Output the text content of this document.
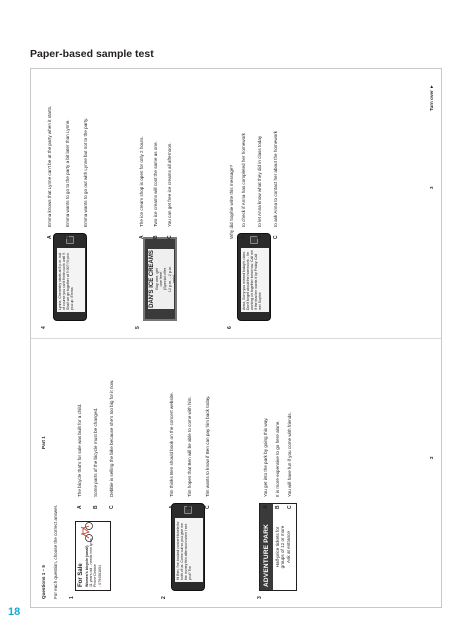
Paper-based sample test
Questions 1 – 5
Part 1
For each question, choose the correct answer. 1
For Sale Women's bicycle (small) 11 years old - needs new tyres Phone Debbie - 0794581654
A
The bicycle that's for sale was built for a child.
B
Some parts of the bicycle must be changed.
C
Debbie is selling the bike because she's too big for it now.
2
Hi Ben, I've booked concert tickets for both of us. Come out so you give me the money this afternoon when I see you? Tim
A
Tim thinks Ben should book on the concert website.
B
Tim hopes that Ben will be able to come with him.
C
Tim wants to know if Ben can pay him back today.
3
ADVENTURE PARK	Half-price tickets for groups of 12 or more Ask at entrance
A
You get into the park by going this way.
B
It is more expensive to go here alone.
C
You will have fun if you come with friends.	2
4
Lynne, Chemistry starts at 8 p.m. but of course you can't finish work until 9. Shall we go together at 9:30? I'll pick you up. Emma
A
Emma knows that Lynne can't be at the party when it starts.
B
Emma wants to go to the party a bit later than Lynne.
C
Emma wants to go out with Lynne but not to the party.
5
DAN'S ICE CREAMS Buy one, get one free! (Special offer 12 p.m. - 2 p.m. only)
A
The ice cream shop is open for only 2 hours.
B
Two ice creams will cost the same as one.
C
You can get free ice creams all afternoon.
6
Anna, Sorry you missed today's class. Don't forget about the homework - I'm working on together tomorrow. Call me if the teacher wants it by Friday. Call me! Sophie
Why did Sophie write this message? A
to check if Anna has completed her homework
B
to let Anna know what they did in class today
C
to ask Anna to contact her about the homework	3
Turn over ►
18
